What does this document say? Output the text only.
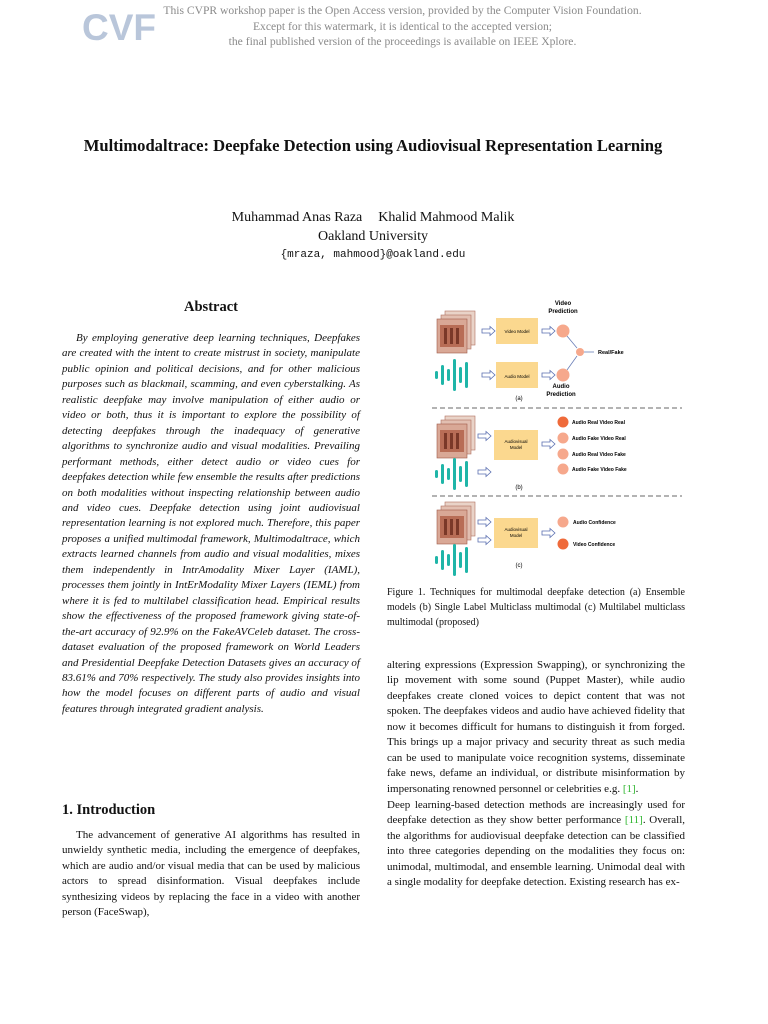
CVF This CVPR workshop paper is the Open Access version, provided by the Computer Vision Foundation.
Except for this watermark, it is identical to the accepted version;
the final published version of the proceedings is available on IEEE Xplore.
Multimodaltrace: Deepfake Detection using Audiovisual Representation Learning
Muhammad Anas Raza Khalid Mahmood Malik
Oakland University
{mraza, mahmood}@oakland.edu
Abstract

By employing generative deep learning techniques, Deepfakes are created with the intent to create mistrust in society, manipulate public opinion and political decisions, and for other malicious purposes such as blackmail, scamming, and even cyberstalking. As realistic deepfake may involve manipulation of either audio or video or both, thus it is important to explore the possibility of detecting deepfakes through the inadequacy of generative algorithms to synchronize audio and visual modalities. Prevailing performant methods, either detect audio or video cues for deepfakes detection while few ensemble the results after predictions on both modalities without inspecting relationship between audio and video cues. Deepfake detection using joint audiovisual representation learning is not explored much. Therefore, this paper proposes a unified multimodal framework, Multimodaltrace, which extracts learned channels from audio and visual modalities, mixes them independently in IntrAmodality Mixer Layer (IAML), processes them jointly in IntErModality Mixer Layers (IEML) from where it is fed to multilabel classification head. Empirical results show the effectiveness of the proposed framework giving state-of-the-art accuracy of 92.9% on the FakeAVCeleb dataset. The cross-dataset evaluation of the proposed framework on World Leaders and Presidential Deepfake Detection Datasets gives an accuracy of 83.61% and 70% respectively. The study also provides insights into how the model focuses on different parts of audio and visual features through integrated gradient analysis.

1. Introduction

The advancement of generative AI algorithms has resulted in unwieldy synthetic media, including the emergence of deepfakes, which are audio and/or visual media that can be used by malicious actors to spread disinformation. Visual deepfakes include synthesizing videos by replacing the face in a video with another person (FaceSwap),

Video
Prediction
Video Model
Real/Fake
Audio Model
Audio
Prediction
(a)
Audiovisual
Model
Audio Real Video Real
Audio Fake Video Real
Audio Real Video Fake
Audio Fake Video Fake
(b)
Audiovisual
Model
Audio Confidence
Video Confidence
(c)

Figure 1. Techniques for multimodal deepfake detection (a) Ensemble models (b) Single Label Multiclass multimodal (c) Multilabel multiclass multimodal (proposed)

altering expressions (Expression Swapping), or synchronizing the lip movement with some sound (Puppet Master), while audio deepfakes create cloned voices to depict content that was not spoken. The deepfakes videos and audio have achieved fidelity that now it becomes difficult for humans to distinguish it from forged. This brings up a major privacy and security threat as such media can be used to manipulate voice recognition systems, disseminate fake news, defame an individual, or distribute misinformation by impersonating renowned personnel or celebrities e.g. [1].

Deep learning-based detection methods are increasingly used for deepfake detection as they show better performance [11]. Overall, the algorithms for audiovisual deepfake detection can be classified into three categories depending on the modalities they focus on: unimodal, multimodal, and ensemble learning. Unimodal deal with a single modality for deepfake detection. Existing research has ex-
